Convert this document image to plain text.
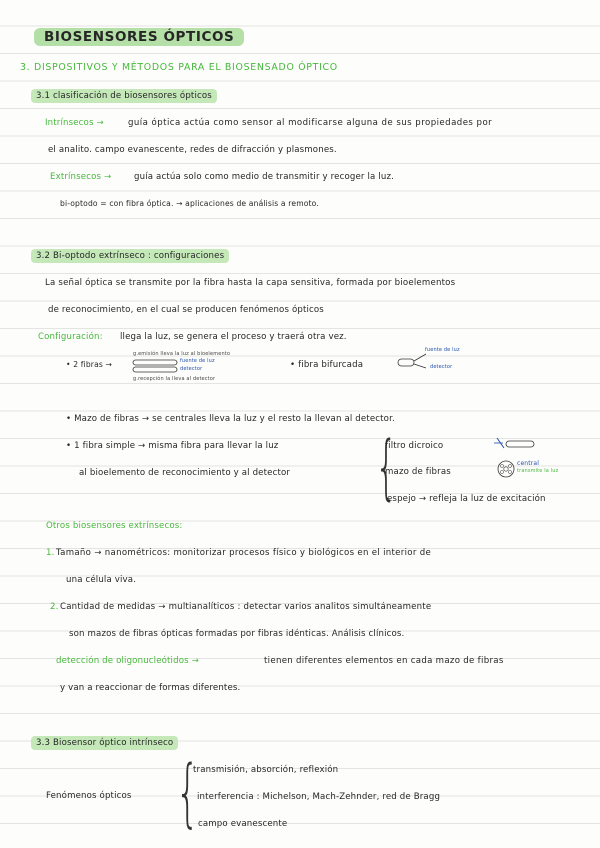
BIOSENSORES ÓPTICOS
3. DISPOSITIVOS Y MÉTODOS PARA EL BIOSENSADO ÓPTICO
3.1 clasificación de biosensores ópticos
Intrínsecos →	guía óptica actúa como sensor al modificarse alguna de sus propiedades por
el analito. campo evanescente, redes de difracción y plasmones.
Extrínsecos →	guía actúa solo como medio de transmitir y recoger la luz.
bi-optodo = con fibra óptica. → aplicaciones de análisis a remoto.
3.2 Bi-optodo extrínseco : configuraciones
La señal óptica se transmite por la fibra hasta la capa sensitiva, formada por bioelementos
de reconocimiento, en el cual se producen fenómenos ópticos
Configuración: llega la luz, se genera el proceso y traerá otra vez.
• 2 fibras →
g.emisión lleva la luz al bioelemento
fuente de luz
detector
g.recepción la lleva al detector
• fibra bifurcada
fuente de luz
detector
• Mazo de fibras → se centrales lleva la luz y el resto la llevan al detector.
• 1 fibra simple → misma fibra para llevar la luz
al bioelemento de reconocimiento y al detector {
filtro dicroico
mazo de fibras
espejo → refleja la luz de excitación
central
transmite la luz
Otros biosensores extrínsecos:
1. Tamaño → nanométricos: monitorizar procesos físico y biológicos en el interior de
una célula viva.
2. Cantidad de medidas → multianalíticos : detectar varios analitos simultáneamente
son mazos de fibras ópticas formadas por fibras idénticas. Análisis clínicos.
detección de oligonucleótidos →	tienen diferentes elementos en cada mazo de fibras
y van a reaccionar de formas diferentes.
3.3 Biosensor óptico intrínseco
Fenómenos ópticos {
transmisión, absorción, reflexión
interferencia : Michelson, Mach-Zehnder, red de Bragg
campo evanescente
